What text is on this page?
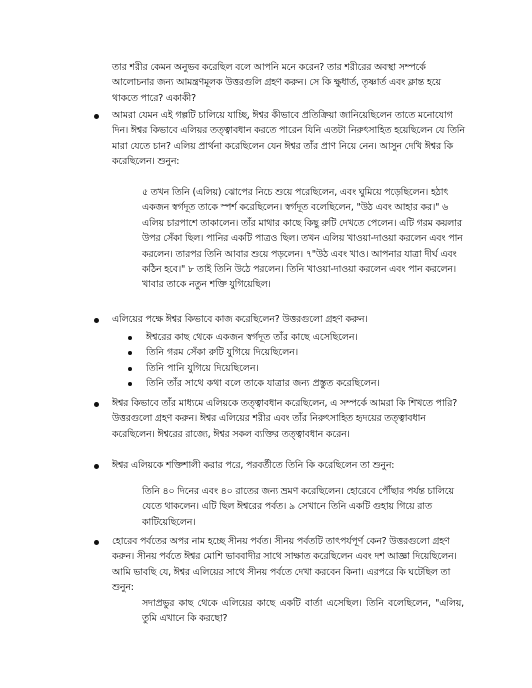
তার শরীর কেমন অনুভব করেছিল বলে আপনি মনে করেন? তার শরীরের অবস্থা সম্পর্কে আলোচনার জন্য আমন্ত্রণমূলক উত্তরগুলি গ্রহণ করুন। সে কি ক্ষুধার্ত, তৃষ্ণার্ত এবং ক্লান্ত হয়ে থাকতে পারে? একাকী?
আমরা যেমন এই গল্পটি চালিয়ে যাচ্ছি, ঈশ্বর কীভাবে প্রতিক্রিয়া জানিয়েছিলেন তাতে মনোযোগ দিন। ঈশ্বর কিভাবে এলিয়র তত্ত্বাবধান করতে পারেন যিনি এতটা নিরুৎসাহিত হয়েছিলেন যে তিনি মারা যেতে চান? এলিয় প্রার্থনা করেছিলেন যেন ঈশ্বর তাঁর প্রাণ নিয়ে নেন। আসুন দেখি ঈশ্বর কি করেছিলেন। শুনুন:
৫ তখন তিনি (এলিয়) ঝোপের নিচে শুয়ে পরেছিলেন, এবং ঘুমিয়ে পড়েছিলেন। হঠাৎ একজন স্বর্গদূত তাকে স্পর্শ করেছিলেন। স্বর্গদূত বলেছিলেন, "উঠ এবং আহার কর।" ৬ এলিয় চারপাশে তাকালেন। তাঁর মাথার কাছে কিছু রুটি দেখতে পেলেন। এটি গরম কয়লার উপর সেঁকা ছিল। পানির একটি পাত্রও ছিল। তখন এলিয় খাওয়া-দাওয়া করলেন এবং পান করলেন। তারপর তিনি আবার শুয়ে পড়লেন। ৭"উঠ এবং খাও। আপনার যাত্রা দীর্ঘ এবং কঠিন হবে।" ৮ তাই তিনি উঠে পরলেন। তিনি খাওয়া-দাওয়া করলেন এবং পান করলেন। খাবার তাকে নতুন শক্তি যুগিয়েছিল।
এলিয়ের পক্ষে ঈশ্বর কিভাবে কাজ করেছিলেন? উত্তরগুলো গ্রহণ করুন।
ঈশ্বরের কাছ থেকে একজন স্বর্গদূত তাঁর কাছে এসেছিলেন।
তিনি গরম সেঁকা রুটি যুগিয়ে দিয়েছিলেন।
তিনি পানি যুগিয়ে দিয়েছিলেন।
তিনি তাঁর সাথে কথা বলে তাকে যাত্রার জন্য প্রস্তুত করেছিলেন।
ঈশ্বর কিভাবে তাঁর মাধ্যমে এলিয়কে তত্ত্বাবধান করেছিলেন, এ সম্পর্কে আমরা কি শিখতে পারি? উত্তরগুলো গ্রহণ করুন। ঈশ্বর এলিয়ের শরীর এবং তাঁর নিরুৎসাহিত হৃদয়ের তত্ত্বাবধান করেছিলেন। ঈশ্বরের রাজ্যে, ঈশ্বর সকল ব্যক্তির তত্ত্বাবধান করেন।
ঈশ্বর এলিয়কে শক্তিশালী করার পরে, পরবর্তীতে তিনি কি করেছিলেন তা শুনুন:
তিনি ৪০ দিনের এবং ৪০ রাতের জন্য ভ্রমণ করেছিলেন। হোরেবে পৌঁছার পর্যন্ত চালিয়ে যেতে থাকলেন। এটি ছিল ঈশ্বরের পর্বত। ৯ সেখানে তিনি একটি গুহায় গিয়ে রাত কাটিয়েছিলেন।
হোরেব পর্বতের অপর নাম হচ্ছে সীনয় পর্বত। সীনয় পর্বতটি তাৎপর্যপূর্ণ কেন? উত্তরগুলো গ্রহণ করুন। সীনয় পর্বতে ঈশ্বর মোশি ভাববাদীর সাথে সাক্ষাত করেছিলেন এবং দশ আজ্ঞা দিয়েছিলেন। আমি ভাবছি যে, ঈশ্বর এলিয়ের সাথে সীনয় পর্বতে দেখা করবেন কিনা। এরপরে কি ঘটেছিল তা শুনুন:
সদাপ্রভুর কাছ থেকে এলিয়ের কাছে একটি বার্তা এসেছিল। তিনি বলেছিলেন, "এলিয়, তুমি এখানে কি করছো?
